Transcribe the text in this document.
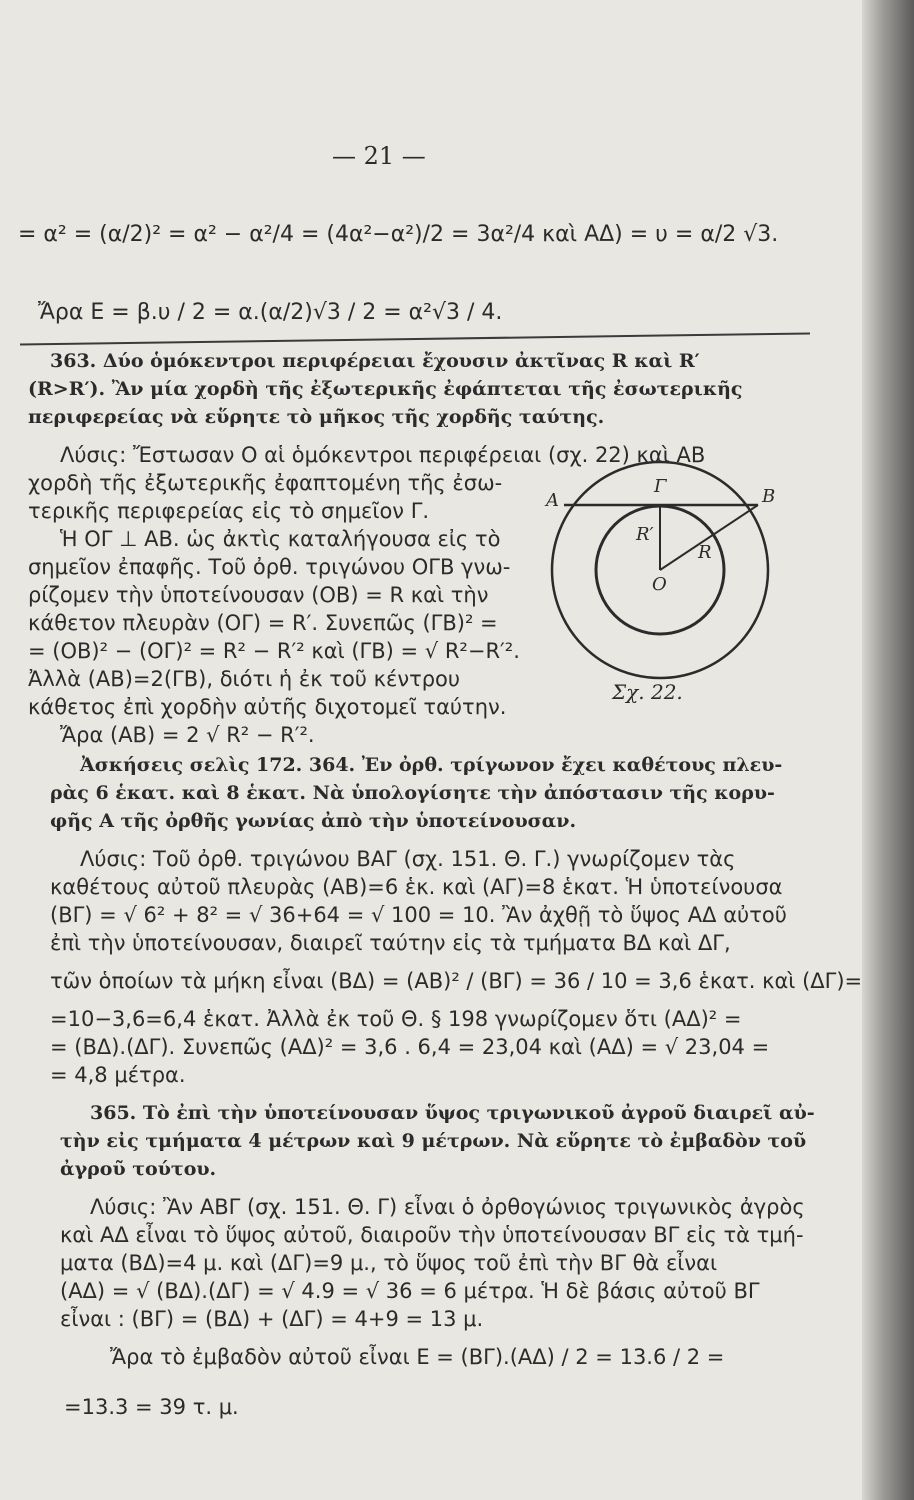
— 21 —
= α² = (α/2)² = α² − α²/4 = (4α²−α²)/2 = 3α²/4 καὶ ΑΔ) = υ = α/2 √3.
Ἄρα Ε = β.υ / 2 = α.(α/2)√3 / 2 = α²√3 / 4.
363. Δύο ὁμόκεντροι περιφέρειαι ἔχουσιν ἀκτῖνας R καὶ R′
(R>R′). Ἂν μία χορδὴ τῆς ἐξωτερικῆς ἐφάπτεται τῆς ἐσωτερικῆς
περιφερείας νὰ εὕρητε τὸ μῆκος τῆς χορδῆς ταύτης.
Λύσις: Ἔστωσαν Ο αἱ ὁμόκεντροι περιφέρειαι (σχ. 22) καὶ ΑΒ
χορδὴ τῆς ἐξωτερικῆς ἐφαπτομένη τῆς ἐσω-
τερικῆς περιφερείας εἰς τὸ σημεῖον Γ.
Ἡ ΟΓ ⊥ ΑΒ. ὡς ἀκτὶς καταλήγουσα εἰς τὸ
σημεῖον ἐπαφῆς. Τοῦ ὀρθ. τριγώνου ΟΓΒ γνω-
ρίζομεν τὴν ὑποτείνουσαν (ΟΒ) = R καὶ τὴν
κάθετον πλευρὰν (ΟΓ) = R′. Συνεπῶς (ΓΒ)² =
= (ΟΒ)² − (ΟΓ)² = R² − R′² καὶ (ΓΒ) = √ R²−R′².
Ἀλλὰ (ΑΒ)=2(ΓΒ), διότι ἡ ἐκ τοῦ κέντρου
κάθετος ἐπὶ χορδὴν αὐτῆς διχοτομεῖ ταύτην.
Ἄρα (ΑΒ) = 2 √ R² − R′².
Ἀσκήσεις σελὶς 172. 364. Ἐν ὀρθ. τρίγωνον ἔχει καθέτους πλευ-
ρὰς 6 ἑκατ. καὶ 8 ἑκατ. Νὰ ὑπολογίσητε τὴν ἀπόστασιν τῆς κορυ-
φῆς Α τῆς ὀρθῆς γωνίας ἀπὸ τὴν ὑποτείνουσαν.
Λύσις: Τοῦ ὀρθ. τριγώνου ΒΑΓ (σχ. 151. Θ. Γ.) γνωρίζομεν τὰς
καθέτους αὐτοῦ πλευρὰς (ΑΒ)=6 ἑκ. καὶ (ΑΓ)=8 ἑκατ. Ἡ ὑποτείνουσα
(ΒΓ) = √ 6² + 8² = √ 36+64 = √ 100 = 10. Ἂν ἀχθῇ τὸ ὕψος ΑΔ αὐτοῦ
ἐπὶ τὴν ὑποτείνουσαν, διαιρεῖ ταύτην εἰς τὰ τμήματα ΒΔ καὶ ΔΓ,
τῶν ὁποίων τὰ μήκη εἶναι (ΒΔ) = (ΑΒ)² / (ΒΓ) = 36 / 10 = 3,6 ἑκατ. καὶ (ΔΓ)=
=10−3,6=6,4 ἑκατ. Ἀλλὰ ἐκ τοῦ Θ. § 198 γνωρίζομεν ὅτι (ΑΔ)² =
= (ΒΔ).(ΔΓ). Συνεπῶς (ΑΔ)² = 3,6 . 6,4 = 23,04 καὶ (ΑΔ) = √ 23,04 =
= 4,8 μέτρα.
365. Τὸ ἐπὶ τὴν ὑποτείνουσαν ὕψος τριγωνικοῦ ἀγροῦ διαιρεῖ αὐ-
τὴν εἰς τμήματα 4 μέτρων καὶ 9 μέτρων. Νὰ εὕρητε τὸ ἐμβαδὸν τοῦ
ἀγροῦ τούτου.
Λύσις: Ἂν ΑΒΓ (σχ. 151. Θ. Γ) εἶναι ὁ ὀρθογώνιος τριγωνικὸς ἀγρὸς
καὶ ΑΔ εἶναι τὸ ὕψος αὐτοῦ, διαιροῦν τὴν ὑποτείνουσαν ΒΓ εἰς τὰ τμή-
ματα (ΒΔ)=4 μ. καὶ (ΔΓ)=9 μ., τὸ ὕψος τοῦ ἐπὶ τὴν ΒΓ θὰ εἶναι
(ΑΔ) = √ (ΒΔ).(ΔΓ) = √ 4.9 = √ 36 = 6 μέτρα. Ἡ δὲ βάσις αὐτοῦ ΒΓ
εἶναι : (ΒΓ) = (ΒΔ) + (ΔΓ) = 4+9 = 13 μ.
Ἄρα τὸ ἐμβαδὸν αὐτοῦ εἶναι Ε = (ΒΓ).(ΑΔ) / 2 = 13.6 / 2 =
=13.3 = 39 τ. μ.
A
Γ	Β
R′
R
Ο
Σχ. 22.
